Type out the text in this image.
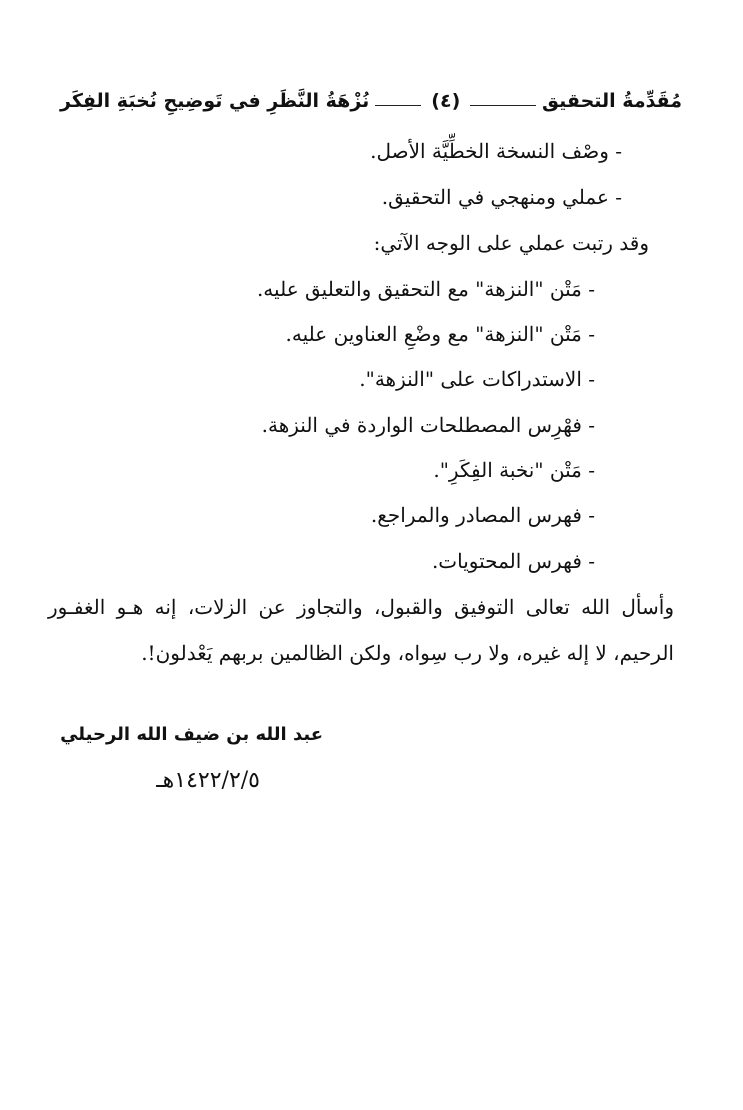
مُقَدِّمةُ التحقيق
(٤)
نُزْهَةُ النَّظَرِ في تَوضِيحِ نُخبَةِ الفِكَر
- وصْف النسخة الخطِّيَّة الأصل.
- عملي ومنهجي في التحقيق.
وقد رتبت عملي على الوجه الآتي:
- مَتْن "النزهة" مع التحقيق والتعليق عليه.
- مَتْن "النزهة" مع وضْعِ العناوين عليه.
- الاستدراكات على "النزهة".
- فهْرِس المصطلحات الواردة في النزهة.
- مَتْن "نخبة الفِكَرِ".
- فهرس المصادر والمراجع.
- فهرس المحتويات.
وأسأل الله تعالى التوفيق والقبول، والتجاوز عن الزلات، إنه هـو الغفـور الرحيم، لا إله غيره، ولا رب سِواه، ولكن الظالمين بربهم يَعْدلون!.
عبد الله بن ضيف الله الرحيلي
١٤٢٢/٢/٥هـ
